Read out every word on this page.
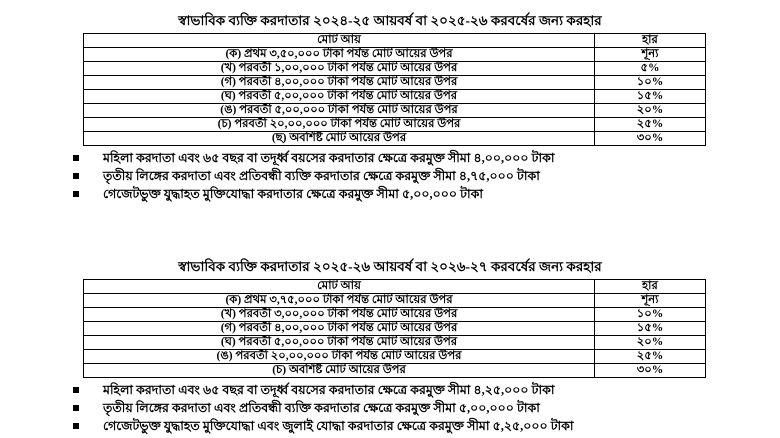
স্বাভাবিক ব্যক্তি করদাতার ২০২৪-২৫ আয়বর্ষ বা ২০২৫-২৬ করবর্ষের জন্য করহার
মোট আয়	হার
(ক) প্রথম ৩,৫০,০০০ টাকা পর্যন্ত মোট আয়ের উপর	শূন্য
(খ) পরবর্তী ১,০০,০০০ টাকা পর্যন্ত মোট আয়ের উপর	৫%
(গ) পরবর্তী ৪,০০,০০০ টাকা পর্যন্ত মোট আয়ের উপর	১০%
(ঘ) পরবর্তী ৫,০০,০০০ টাকা পর্যন্ত মোট আয়ের উপর	১৫%
(ঙ) পরবর্তী ৫,০০,০০০ টাকা পর্যন্ত মোট আয়ের উপর	২০%
(চ) পরবর্তী ২০,০০,০০০ টাকা পর্যন্ত মোট আয়ের উপর	২৫%
(ছ) অবশিষ্ট মোট আয়ের উপর	৩০%
মহিলা করদাতা এবং ৬৫ বছর বা তদূর্ধ্ব বয়সের করদাতার ক্ষেত্রে করমুক্ত সীমা ৪,০০,০০০ টাকা
তৃতীয় লিঙ্গের করদাতা এবং প্রতিবন্ধী ব্যক্তি করদাতার ক্ষেত্রে করমুক্ত সীমা ৪,৭৫,০০০ টাকা
গেজেটভুক্ত যুদ্ধাহত মুক্তিযোদ্ধা করদাতার ক্ষেত্রে করমুক্ত সীমা ৫,০০,০০০ টাকা
স্বাভাবিক ব্যক্তি করদাতার ২০২৫-২৬ আয়বর্ষ বা ২০২৬-২৭ করবর্ষের জন্য করহার
মোট আয়	হার
(ক) প্রথম ৩,৭৫,০০০ টাকা পর্যন্ত মোট আয়ের উপর	শূন্য
(খ) পরবর্তী ৩,০০,০০০ টাকা পর্যন্ত মোট আয়ের উপর	১০%
(গ) পরবর্তী ৪,০০,০০০ টাকা পর্যন্ত মোট আয়ের উপর	১৫%
(ঘ) পরবর্তী ৫,০০,০০০ টাকা পর্যন্ত মোট আয়ের উপর	২০%
(ঙ) পরবর্তী ২০,০০,০০০ টাকা পর্যন্ত মোট আয়ের উপর	২৫%
(চ) অবশিষ্ট মোট আয়ের উপর	৩০%
মহিলা করদাতা এবং ৬৫ বছর বা তদূর্ধ্ব বয়সের করদাতার ক্ষেত্রে করমুক্ত সীমা ৪,২৫,০০০ টাকা
তৃতীয় লিঙ্গের করদাতা এবং প্রতিবন্ধী ব্যক্তি করদাতার ক্ষেত্রে করমুক্ত সীমা ৫,০০,০০০ টাকা
গেজেটভুক্ত যুদ্ধাহত মুক্তিযোদ্ধা এবং জুলাই যোদ্ধা করদাতার ক্ষেত্রে করমুক্ত সীমা ৫,২৫,০০০ টাকা
